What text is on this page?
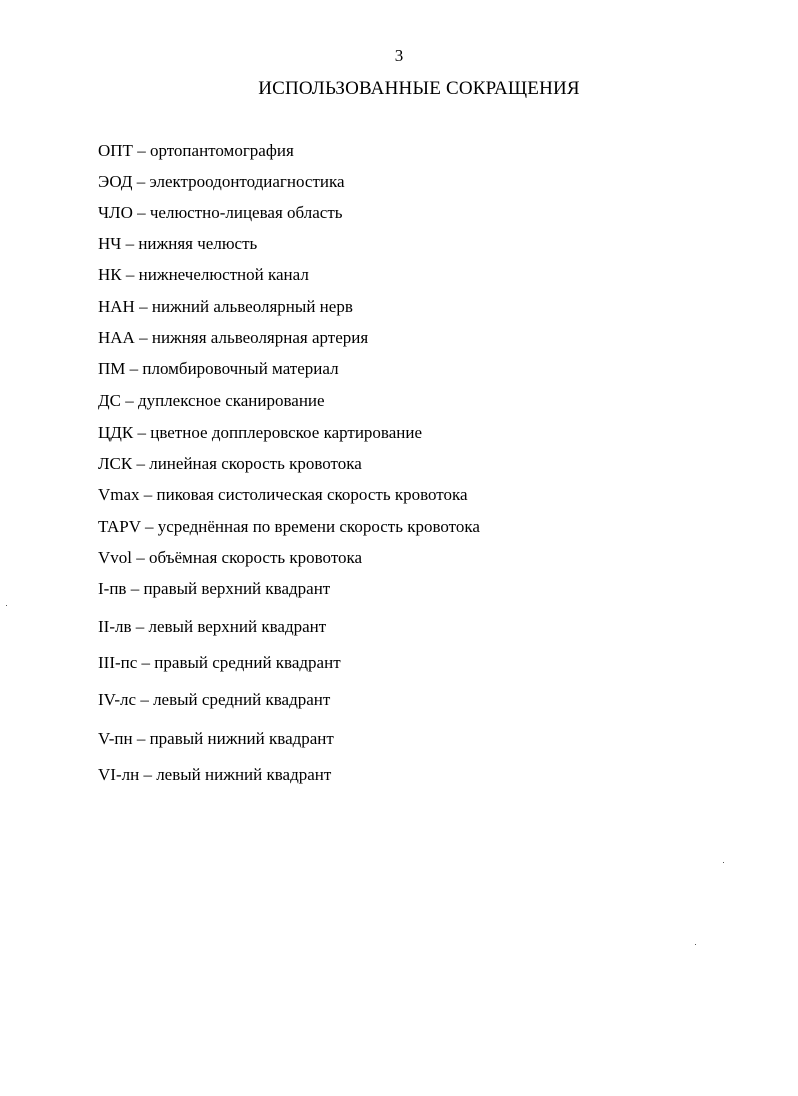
3
ИСПОЛЬЗОВАННЫЕ СОКРАЩЕНИЯ
ОПТ – ортопантомография
ЭОД – электроодонтодиагностика
ЧЛО – челюстно-лицевая область
НЧ – нижняя челюсть
НК – нижнечелюстной канал
НАН – нижний альвеолярный нерв
НАА – нижняя альвеолярная артерия
ПМ – пломбировочный материал
ДС – дуплексное сканирование
ЦДК – цветное допплеровское картирование
ЛСК – линейная скорость кровотока
Vmax – пиковая систолическая скорость кровотока
TAPV – усреднённая по времени скорость кровотока
Vvol – объёмная скорость кровотока
I-пв – правый верхний квадрант
II-лв – левый верхний квадрант
III-пс – правый средний квадрант
IV-лс – левый средний квадрант
V-пн – правый нижний квадрант
VI-лн – левый нижний квадрант
